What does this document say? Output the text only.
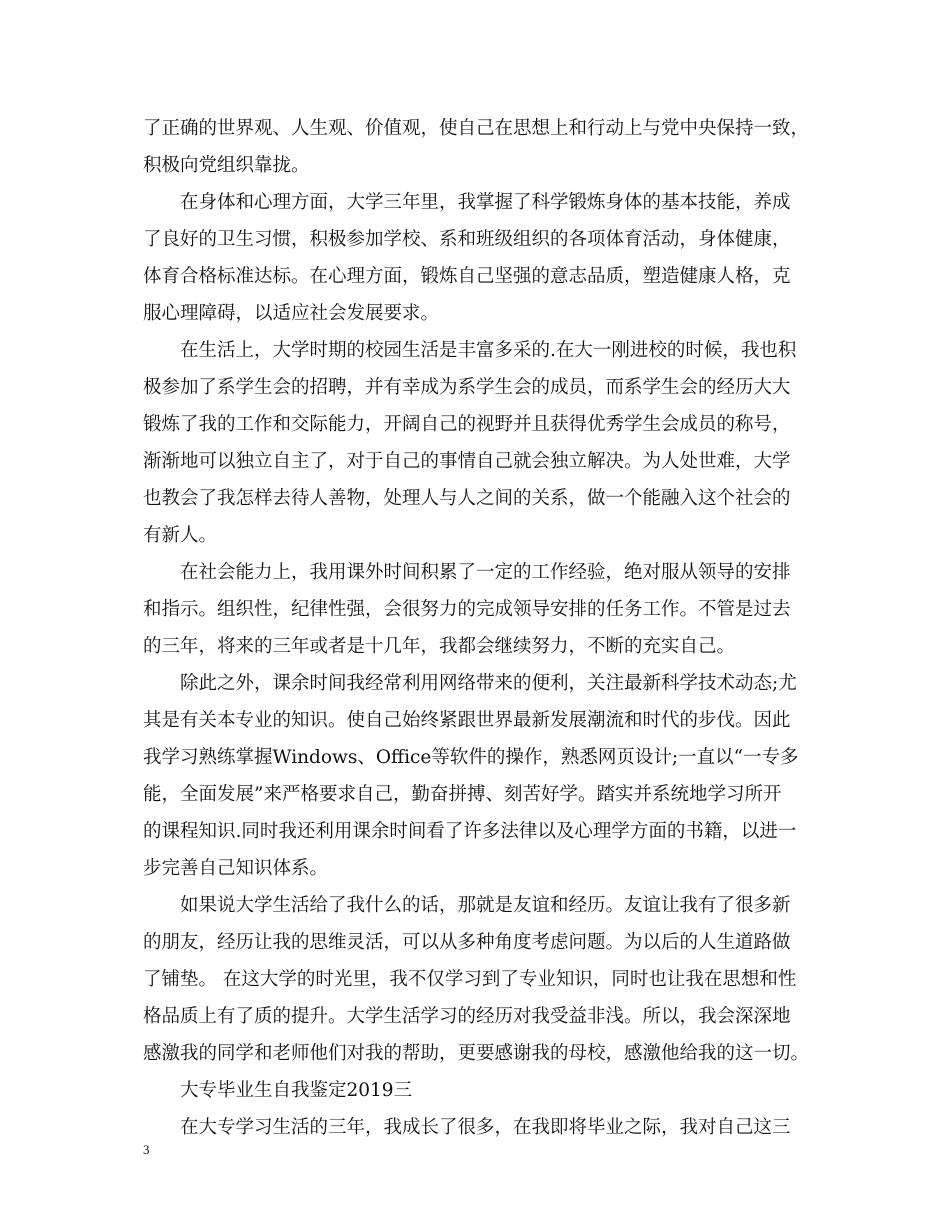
了正确的世界观、人生观、价值观，使自己在思想上和行动上与党中央保持一致，
积极向党组织靠拢。
在身体和心理方面，大学三年里，我掌握了科学锻炼身体的基本技能，养成
了良好的卫生习惯，积极参加学校、系和班级组织的各项体育活动，身体健康，
体育合格标准达标。在心理方面，锻炼自己坚强的意志品质，塑造健康人格，克
服心理障碍，以适应社会发展要求。
在生活上，大学时期的校园生活是丰富多采的.在大一刚进校的时候，我也积
极参加了系学生会的招聘，并有幸成为系学生会的成员，而系学生会的经历大大
锻炼了我的工作和交际能力，开阔自己的视野并且获得优秀学生会成员的称号，
渐渐地可以独立自主了，对于自己的事情自己就会独立解决。为人处世难，大学
也教会了我怎样去待人善物，处理人与人之间的关系，做一个能融入这个社会的
有新人。
在社会能力上，我用课外时间积累了一定的工作经验，绝对服从领导的安排
和指示。组织性，纪律性强，会很努力的完成领导安排的任务工作。不管是过去
的三年，将来的三年或者是十几年，我都会继续努力，不断的充实自己。
除此之外，课余时间我经常利用网络带来的便利，关注最新科学技术动态;尤
其是有关本专业的知识。使自己始终紧跟世界最新发展潮流和时代的步伐。因此
我学习熟练掌握Windows、Office等软件的操作，熟悉网页设计;一直以“一专多
能，全面发展”来严格要求自己，勤奋拼搏、刻苦好学。踏实并系统地学习所开
的课程知识.同时我还利用课余时间看了许多法律以及心理学方面的书籍，以进一
步完善自己知识体系。
如果说大学生活给了我什么的话，那就是友谊和经历。友谊让我有了很多新
的朋友，经历让我的思维灵活，可以从多种角度考虑问题。为以后的人生道路做
了铺垫。 在这大学的时光里，我不仅学习到了专业知识，同时也让我在思想和性
格品质上有了质的提升。大学生活学习的经历对我受益非浅。所以，我会深深地
感激我的同学和老师他们对我的帮助，更要感谢我的母校，感激他给我的这一切。
大专毕业生自我鉴定2019三
在大专学习生活的三年，我成长了很多，在我即将毕业之际，我对自己这三
3
